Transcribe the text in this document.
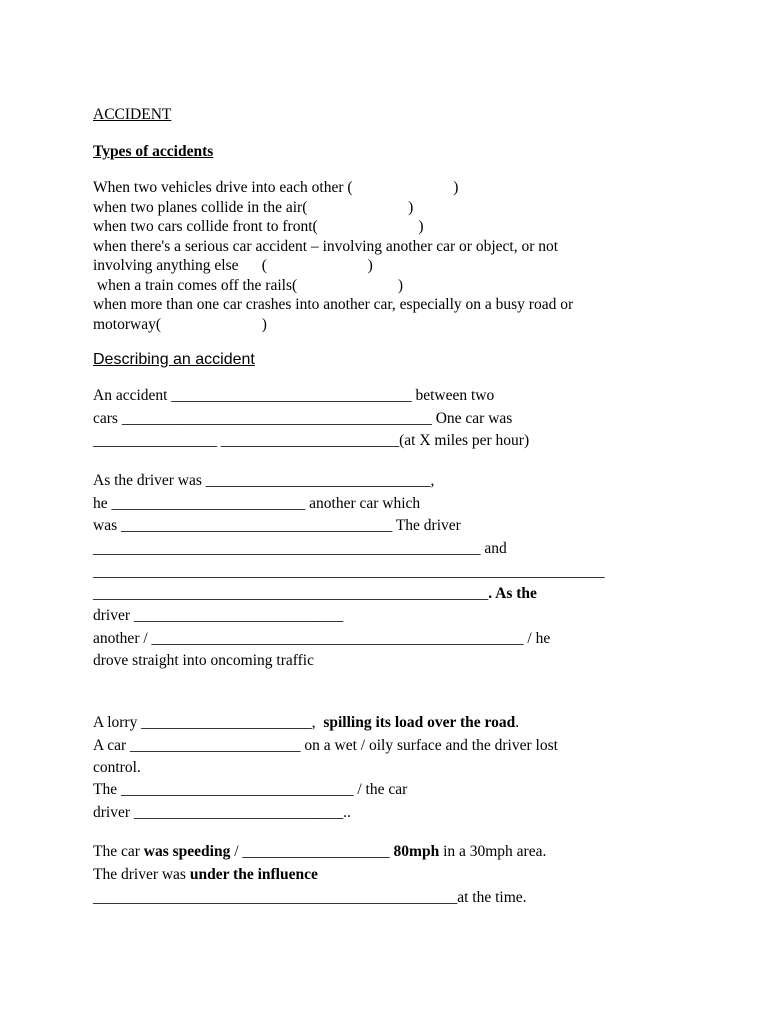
ACCIDENT
Types of accidents
When two vehicles drive into each other (                          )
when two planes collide in the air(                          )
when two cars collide front to front(                          )
when there's a serious car accident – involving another car or object, or not
involving anything else      (                          )
when a train comes off the rails(                          )
when more than one car crashes into another car, especially on a busy road or
motorway(                          )
Describing an accident
An accident _______________________________ between two
cars ________________________________________ One car was
________________ _______________________(at X miles per hour)
As the driver was _____________________________,
he _________________________ another car which
was ___________________________________ The driver
__________________________________________________ and
__________________________________________________________________
___________________________________________________. As the
driver ___________________________
another / ________________________________________________ / he
drove straight into oncoming traffic
A lorry ______________________,  spilling its load over the road.
A car ______________________ on a wet / oily surface and the driver lost
control.
The ______________________________ / the car
driver ___________________________..
The car was speeding / ___________________ 80mph in a 30mph area.
The driver was under the influence
_______________________________________________at the time.
